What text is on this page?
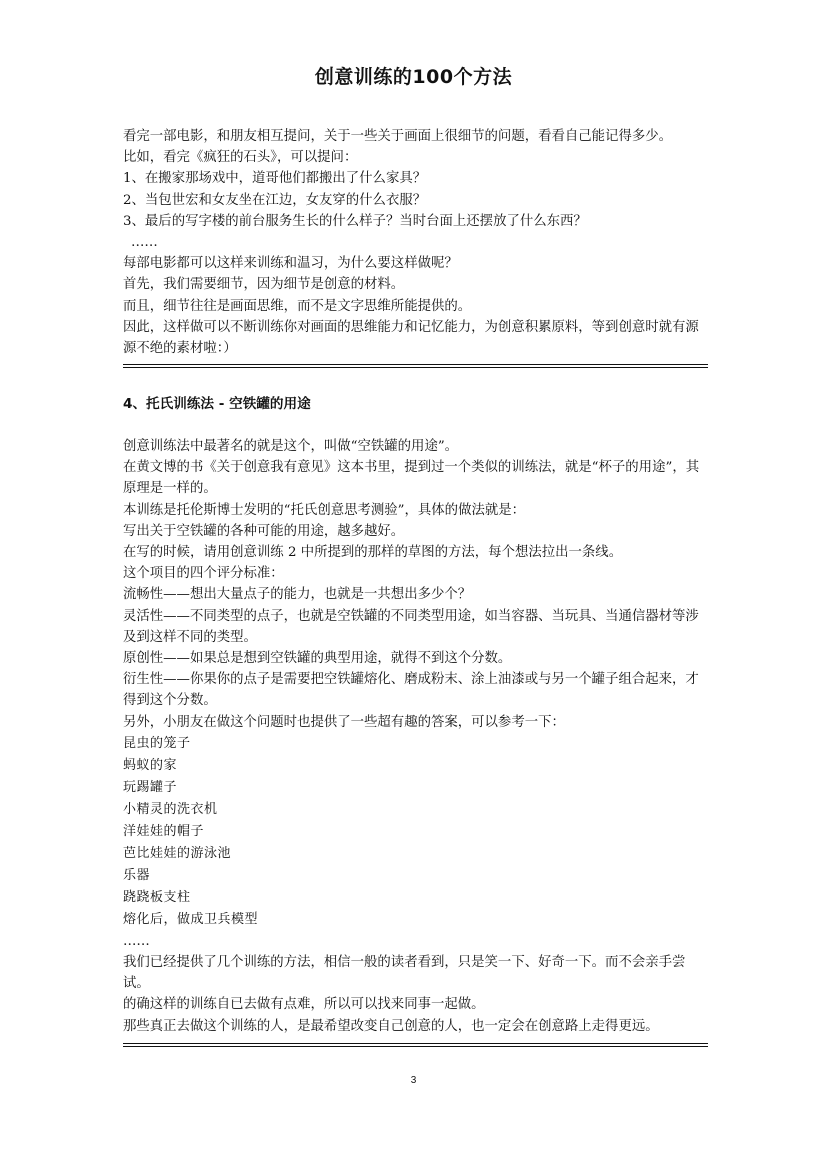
创意训练的100个方法

看完一部电影，和朋友相互提问，关于一些关于画面上很细节的问题，看看自己能记得多少。

比如，看完《疯狂的石头》，可以提问：

1、在搬家那场戏中，道哥他们都搬出了什么家具？

2、当包世宏和女友坐在江边，女友穿的什么衣服？

3、最后的写字楼的前台服务生长的什么样子？当时台面上还摆放了什么东西？

……

每部电影都可以这样来训练和温习，为什么要这样做呢？

首先，我们需要细节，因为细节是创意的材料。

而且，细节往往是画面思维，而不是文字思维所能提供的。

因此，这样做可以不断训练你对画面的思维能力和记忆能力，为创意积累原料，等到创意时就有源源不绝的素材啦：）

4、托氏训练法 - 空铁罐的用途

创意训练法中最著名的就是这个，叫做“空铁罐的用途”。

在黄文博的书《关于创意我有意见》这本书里，提到过一个类似的训练法，就是“杯子的用途”，其原理是一样的。

本训练是托伦斯博士发明的“托氏创意思考测验”，具体的做法就是：

写出关于空铁罐的各种可能的用途，越多越好。

在写的时候，请用创意训练 2 中所提到的那样的草图的方法，每个想法拉出一条线。

这个项目的四个评分标准：

流畅性——想出大量点子的能力，也就是一共想出多少个？

灵活性——不同类型的点子，也就是空铁罐的不同类型用途，如当容器、当玩具、当通信器材等涉及到这样不同的类型。

原创性——如果总是想到空铁罐的典型用途，就得不到这个分数。

衍生性——你果你的点子是需要把空铁罐熔化、磨成粉末、涂上油漆或与另一个罐子组合起来，才得到这个分数。

另外，小朋友在做这个问题时也提供了一些超有趣的答案，可以参考一下：

昆虫的笼子

蚂蚁的家

玩踢罐子

小精灵的洗衣机

洋娃娃的帽子

芭比娃娃的游泳池

乐器

跷跷板支柱

熔化后，做成卫兵模型

……

我们已经提供了几个训练的方法，相信一般的读者看到，只是笑一下、好奇一下。而不会亲手尝试。

的确这样的训练自已去做有点难，所以可以找来同事一起做。

那些真正去做这个训练的人，是最希望改变自己创意的人，也一定会在创意路上走得更远。

3
